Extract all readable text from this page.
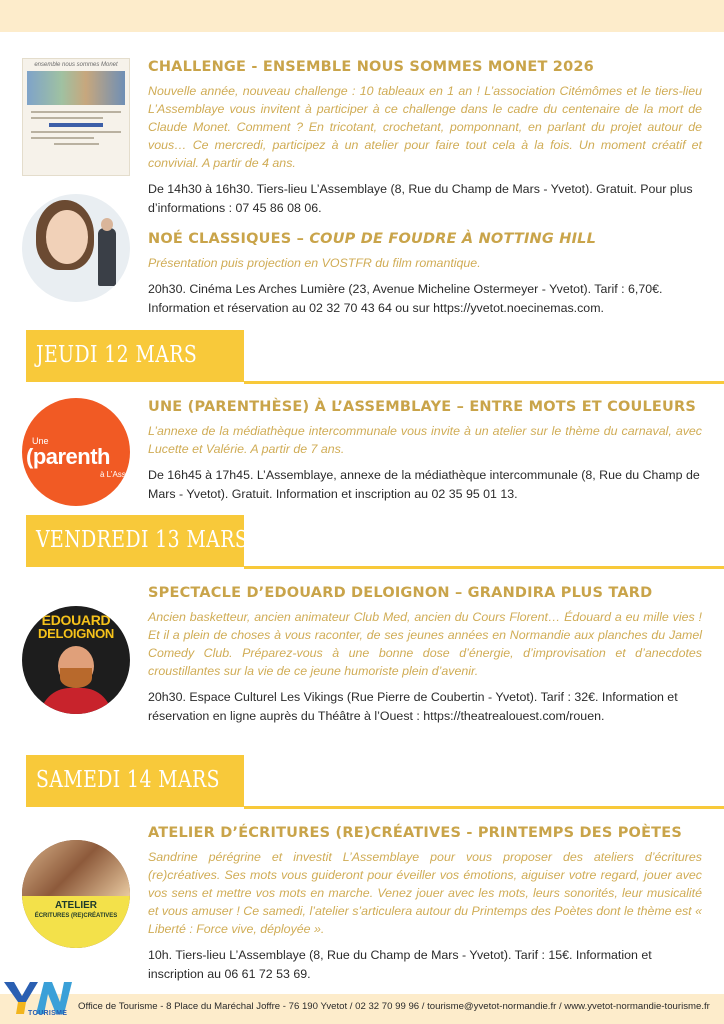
ensemble nous sommes Monet	CHALLENGE - ENSEMBLE NOUS SOMMES MONET 2026
Nouvelle année, nouveau challenge : 10 tableaux en 1 an ! L’association Citémômes et le tiers-lieu L’Assemblaye vous invitent à participer à ce challenge dans le cadre du centenaire de la mort de Claude Monet. Comment ? En tricotant, crochetant, pomponnant, en parlant du projet autour de vous… Ce mercredi, participez à un atelier pour faire tout cela à la fois. Un moment créatif et convivial. A partir de 4 ans.
De 14h30 à 16h30. Tiers-lieu L’Assemblaye (8, Rue du Champ de Mars - Yvetot). Gratuit. Pour plus d’informations : 07 45 86 08 06.
NOÉ CLASSIQUES – COUP DE FOUDRE À NOTTING HILL
Présentation puis projection en VOSTFR du film romantique.
20h30. Cinéma Les Arches Lumière (23, Avenue Micheline Ostermeyer - Yvetot). Tarif : 6,70€. Information et réservation au 02 32 70 43 64 ou sur https://yvetot.noecinemas.com.
JEUDI 12 MARS
Une
(parenth
à L’Ass
UNE (PARENTHÈSE) À L’ASSEMBLAYE – ENTRE MOTS ET COULEURS
L’annexe de la médiathèque intercommunale vous invite à un atelier sur le thème du carnaval, avec Lucette et Valérie. A partir de 7 ans.
De 16h45 à 17h45. L’Assemblaye, annexe de la médiathèque intercommunale (8, Rue du Champ de Mars - Yvetot). Gratuit. Information et inscription au 02 35 95 01 13.
VENDREDI 13 MARS
EDOUARD
DELOIGNON
SPECTACLE D’EDOUARD DELOIGNON – GRANDIRA PLUS TARD
Ancien basketteur, ancien animateur Club Med, ancien du Cours Florent… Édouard a eu mille vies ! Et il a plein de choses à vous raconter, de ses jeunes années en Normandie aux planches du Jamel Comedy Club. Préparez-vous à une bonne dose d’énergie, d’improvisation et d’anecdotes croustillantes sur la vie de ce jeune humoriste plein d’avenir.
20h30. Espace Culturel Les Vikings (Rue Pierre de Coubertin - Yvetot). Tarif : 32€. Information et réservation en ligne auprès du Théâtre à l’Ouest : https://theatrealouest.com/rouen.
SAMEDI 14 MARS
ATELIER
ÉCRITURES (RE)CRÉATIVES
ATELIER D’ÉCRITURES (RE)CRÉATIVES - PRINTEMPS DES POÈTES
Sandrine pérégrine et investit L’Assemblaye pour vous proposer des ateliers d’écritures (re)créatives. Ses mots vous guideront pour éveiller vos émotions, aiguiser votre regard, jouer avec vos sens et mettre vos mots en marche. Venez jouer avec les mots, leurs sonorités, leur musicalité et vous amuser ! Ce samedi, l’atelier s’articulera autour du Printemps des Poètes dont le thème est « Liberté : Force vive, déployée ».
10h. Tiers-lieu L’Assemblaye (8, Rue du Champ de Mars - Yvetot). Tarif : 15€. Information et inscription au 06 61 72 53 69.
TOURISME
Office de Tourisme - 8 Place du Maréchal Joffre - 76 190 Yvetot / 02 32 70 99 96 / tourisme@yvetot-normandie.fr / www.yvetot-normandie-tourisme.fr
